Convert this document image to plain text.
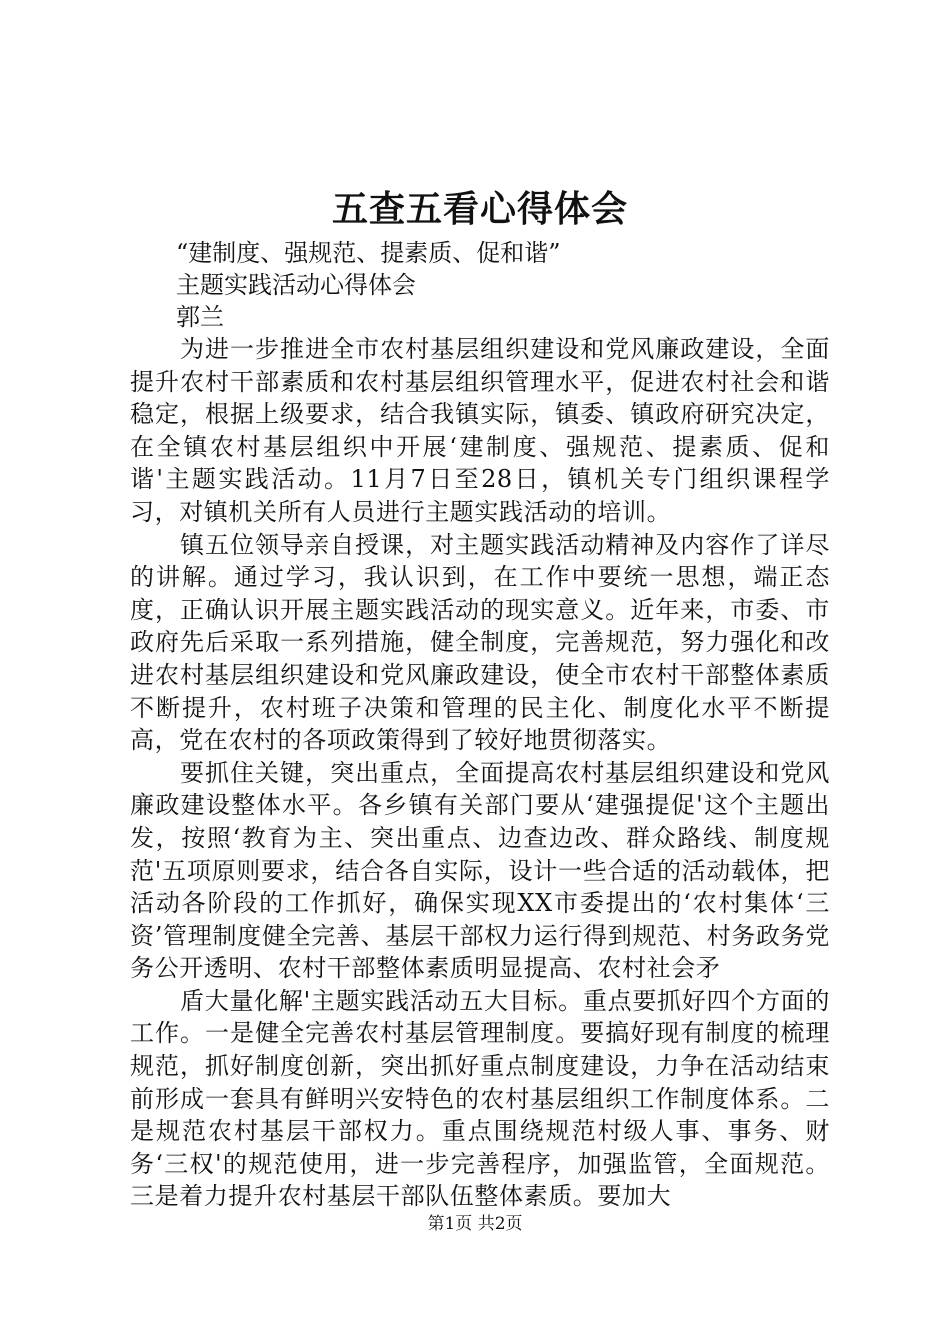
五查五看心得体会

“建制度、强规范、提素质、促和谐”

主题实践活动心得体会

郭兰

为进一步推进全市农村基层组织建设和党风廉政建设，全面提升农村干部素质和农村基层组织管理水平，促进农村社会和谐稳定，根据上级要求，结合我镇实际，镇委、镇政府研究决定，在全镇农村基层组织中开展‘建制度、强规范、提素质、促和谐'主题实践活动。11月7日至28日，镇机关专门组织课程学习，对镇机关所有人员进行主题实践活动的培训。

镇五位领导亲自授课，对主题实践活动精神及内容作了详尽的讲解。通过学习，我认识到，在工作中要统一思想，端正态度，正确认识开展主题实践活动的现实意义。近年来，市委、市政府先后采取一系列措施，健全制度，完善规范，努力强化和改进农村基层组织建设和党风廉政建设，使全市农村干部整体素质不断提升，农村班子决策和管理的民主化、制度化水平不断提高，党在农村的各项政策得到了较好地贯彻落实。

要抓住关键，突出重点，全面提高农村基层组织建设和党风廉政建设整体水平。各乡镇有关部门要从‘建强提促'这个主题出发，按照‘教育为主、突出重点、边查边改、群众路线、制度规范'五项原则要求，结合各自实际，设计一些合适的活动载体，把活动各阶段的工作抓好，确保实现XX市委提出的‘农村集体‘三资’管理制度健全完善、基层干部权力运行得到规范、村务政务党务公开透明、农村干部整体素质明显提高、农村社会矛

盾大量化解'主题实践活动五大目标。重点要抓好四个方面的工作。一是健全完善农村基层管理制度。要搞好现有制度的梳理规范，抓好制度创新，突出抓好重点制度建设，力争在活动结束前形成一套具有鲜明兴安特色的农村基层组织工作制度体系。二是规范农村基层干部权力。重点围绕规范村级人事、事务、财务‘三权'的规范使用，进一步完善程序，加强监管，全面规范。三是着力提升农村基层干部队伍整体素质。要加大

第1页 共2页
